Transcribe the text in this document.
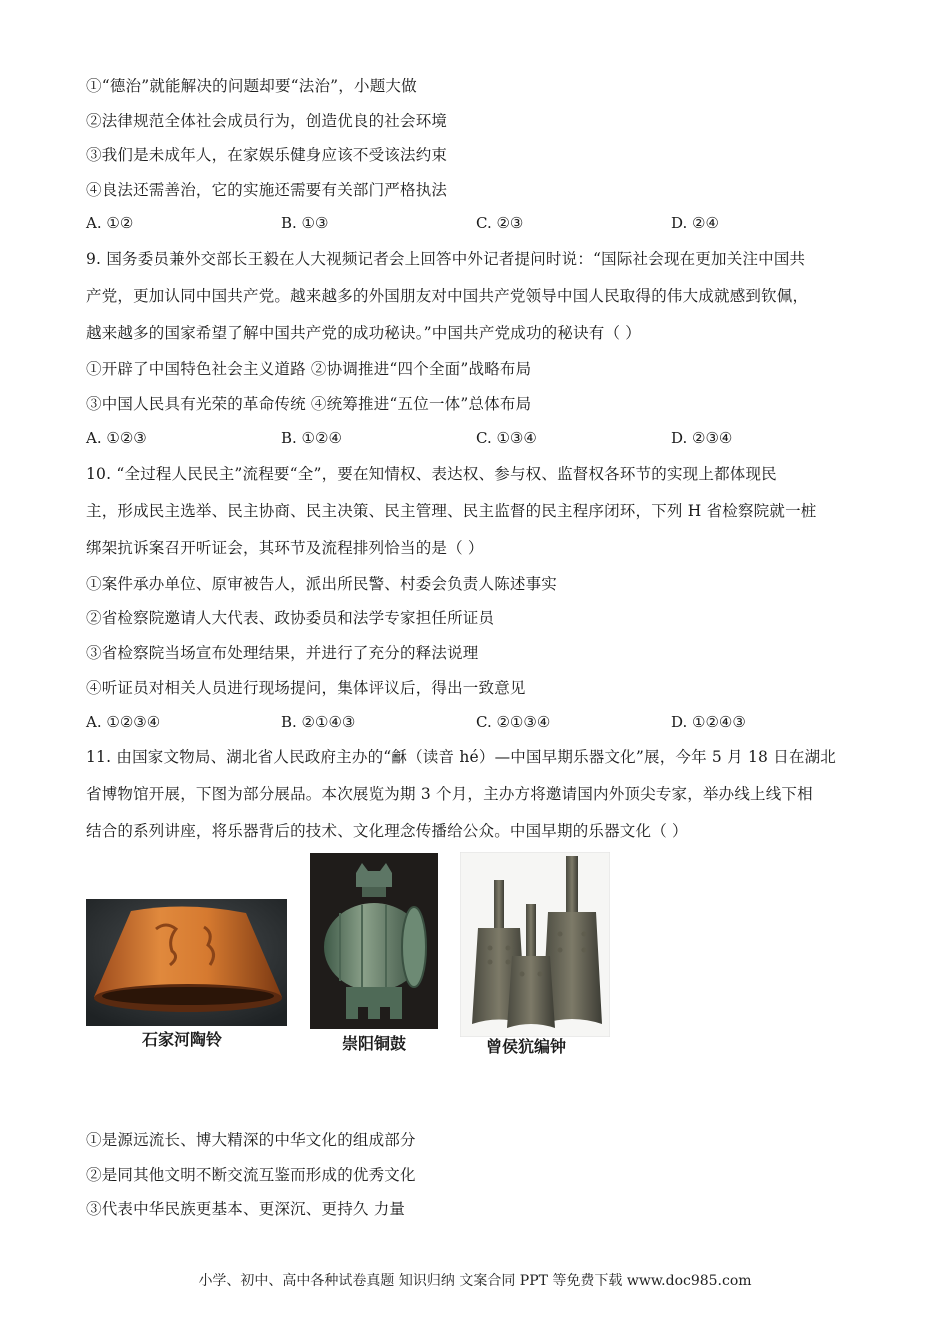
①“德治”就能解决的问题却要“法治”，小题大做
②法律规范全体社会成员行为，创造优良的社会环境
③我们是未成年人，在家娱乐健身应该不受该法约束
④良法还需善治，它的实施还需要有关部门严格执法
A. ①②	B. ①③	C. ②③	D. ②④
9. 国务委员兼外交部长王毅在人大视频记者会上回答中外记者提问时说：“国际社会现在更加关注中国共
产党，更加认同中国共产党。越来越多的外国朋友对中国共产党领导中国人民取得的伟大成就感到钦佩，
越来越多的国家希望了解中国共产党的成功秘诀。”中国共产党成功的秘诀有（ ）
①开辟了中国特色社会主义道路 ②协调推进“四个全面”战略布局
③中国人民具有光荣的革命传统 ④统筹推进“五位一体”总体布局
A. ①②③	B. ①②④	C. ①③④	D. ②③④
10. “全过程人民民主”流程要“全”，要在知情权、表达权、参与权、监督权各环节的实现上都体现民
主，形成民主选举、民主协商、民主决策、民主管理、民主监督的民主程序闭环，下列 H 省检察院就一桩
绑架抗诉案召开听证会，其环节及流程排列恰当的是（ ）
①案件承办单位、原审被告人，派出所民警、村委会负责人陈述事实
②省检察院邀请人大代表、政协委员和法学专家担任所证员
③省检察院当场宣布处理结果，并进行了充分的释法说理
④听证员对相关人员进行现场提问，集体评议后，得出一致意见
A. ①②③④	B. ②①④③	C. ②①③④	D. ①②④③
11. 由国家文物局、湖北省人民政府主办的“龢（读音 hé）—中国早期乐器文化”展，今年 5 月 18 日在湖北
省博物馆开展，下图为部分展品。本次展览为期 3 个月，主办方将邀请国内外顶尖专家，举办线上线下相
结合的系列讲座，将乐器背后的技术、文化理念传播给公众。中国早期的乐器文化（ ）
石家河陶铃	崇阳铜鼓	曾侯犺编钟
①是源远流长、博大精深的中华文化的组成部分
②是同其他文明不断交流互鉴而形成的优秀文化
③代表中华民族更基本、更深沉、更持久 力量
小学、初中、高中各种试卷真题 知识归纳 文案合同 PPT 等免费下载 www.doc985.com
